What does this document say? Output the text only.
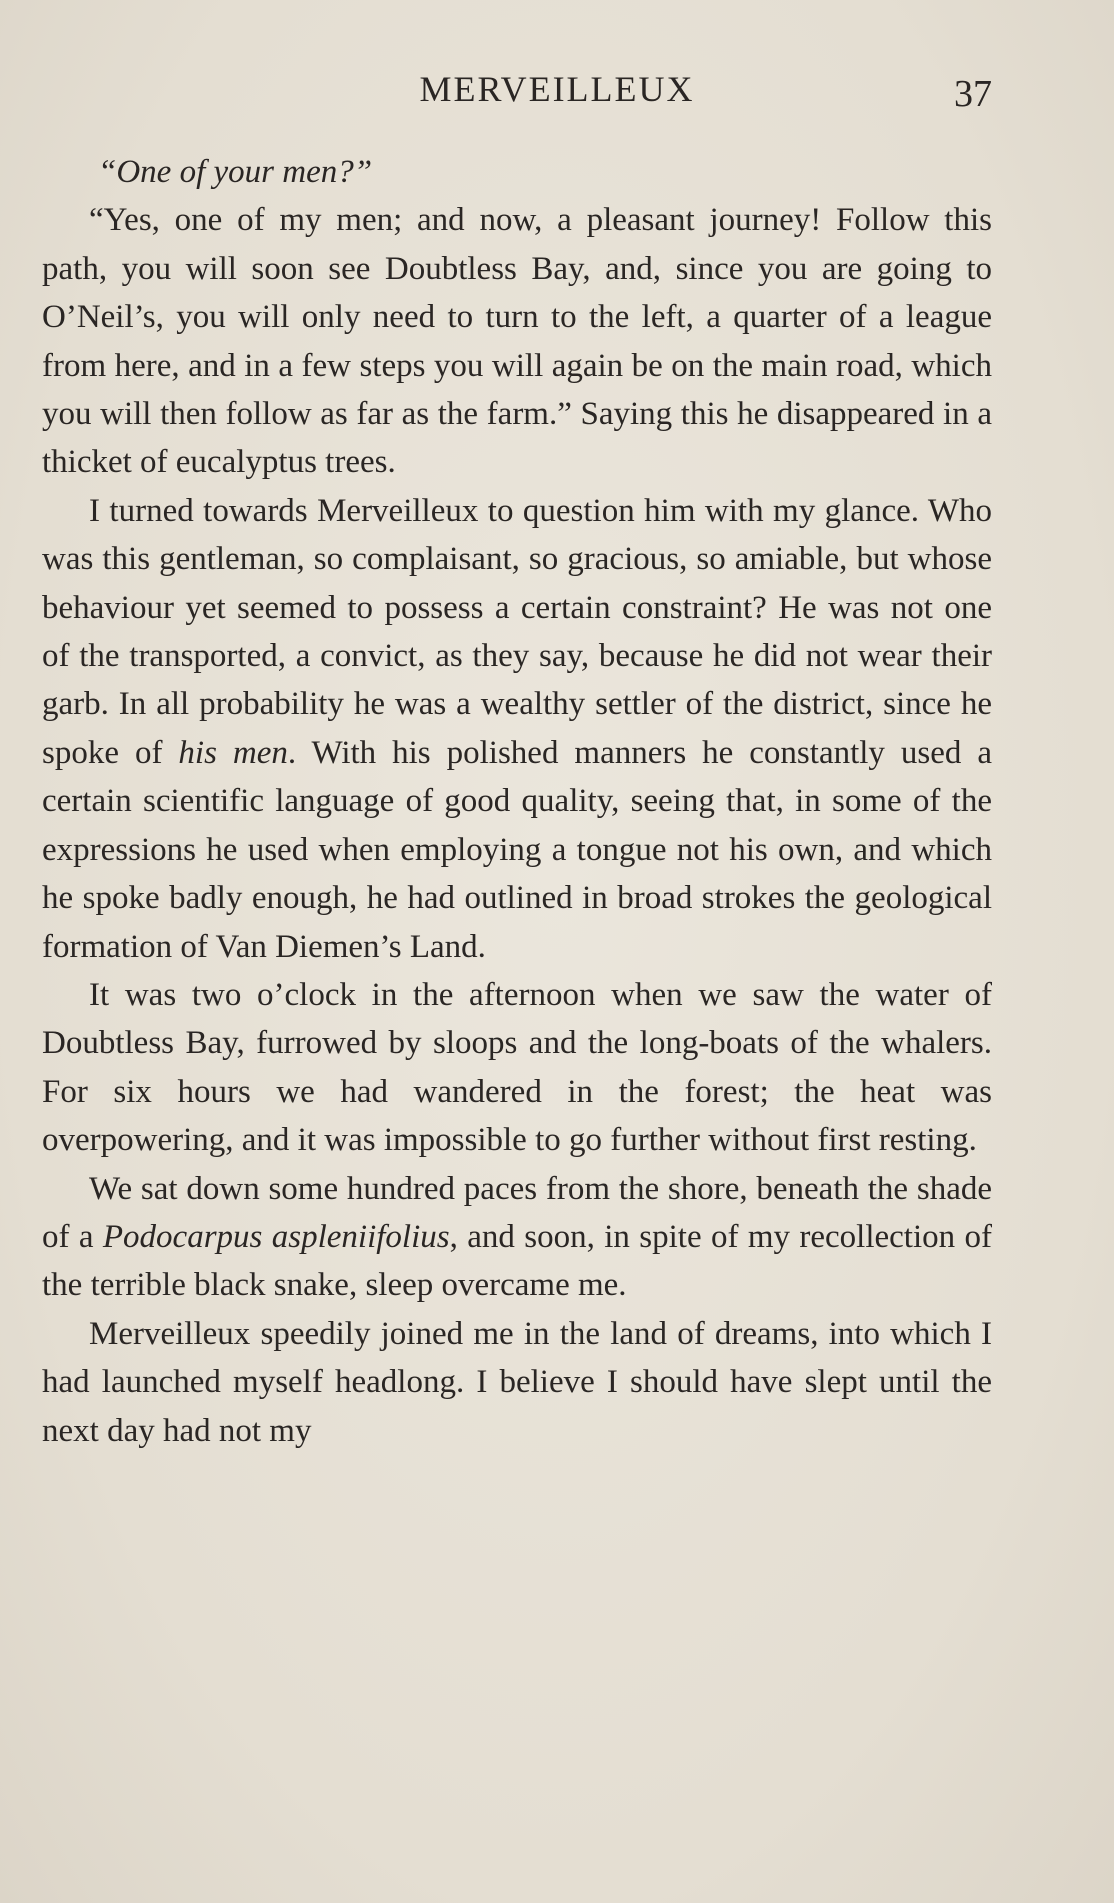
MERVEILLEUX	37

“One of your men?”

“Yes, one of my men; and now, a pleasant journey! Follow this path, you will soon see Doubtless Bay, and, since you are going to O’Neil’s, you will only need to turn to the left, a quarter of a league from here, and in a few steps you will again be on the main road, which you will then follow as far as the farm.” Saying this he disappeared in a thicket of eucalyptus trees.

I turned towards Merveilleux to question him with my glance. Who was this gentleman, so complaisant, so gracious, so amiable, but whose behaviour yet seemed to possess a certain constraint? He was not one of the transported, a convict, as they say, because he did not wear their garb. In all probability he was a wealthy settler of the district, since he spoke of his men. With his polished manners he constantly used a certain scientific language of good quality, seeing that, in some of the expressions he used when employing a tongue not his own, and which he spoke badly enough, he had outlined in broad strokes the geological formation of Van Diemen’s Land.

It was two o’clock in the afternoon when we saw the water of Doubtless Bay, furrowed by sloops and the long-boats of the whalers. For six hours we had wandered in the forest; the heat was overpowering, and it was impossible to go further without first resting.

We sat down some hundred paces from the shore, beneath the shade of a Podocarpus aspleniifolius, and soon, in spite of my recollection of the terrible black snake, sleep overcame me.

Merveilleux speedily joined me in the land of dreams, into which I had launched myself headlong. I believe I should have slept until the next day had not my
